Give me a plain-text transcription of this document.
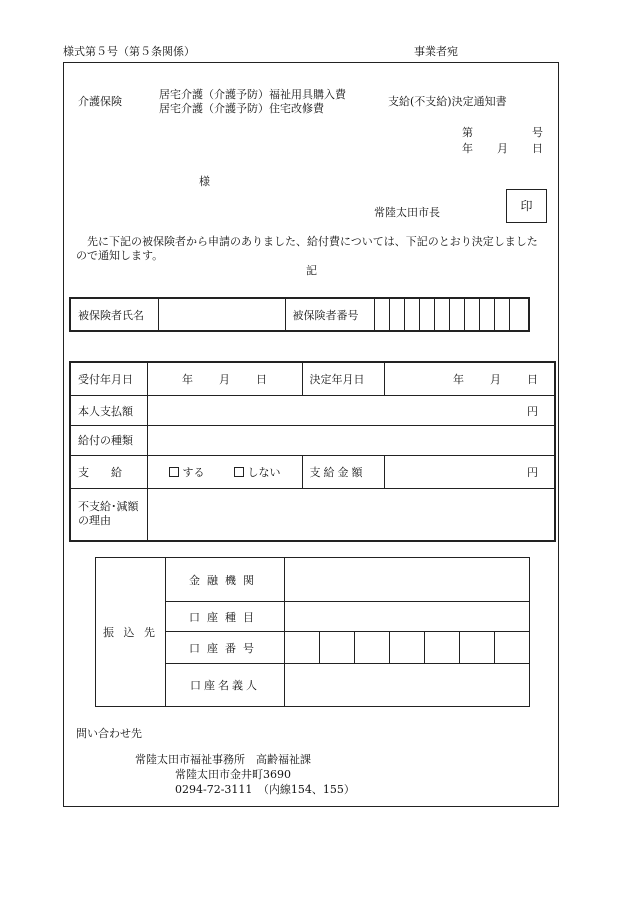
様式第５号（第５条関係）	事業者宛
介護保険
居宅介護（介護予防）福祉用具購入費
居宅介護（介護予防）住宅改修費
支給(不支給)決定通知書
第	号
年 月 日
様
常陸太田市長	印
先に下記の被保険者から申請のありました、給付費については、下記のとおり決定しました
ので通知します。
記
被保険者氏名		被保険者番号										
受付年月日	年 月 日	決定年月日	年 月 日
本人支払額	円		
給付の種類			
支　　給	する しない	支給金額	円

不支給･減額
の理由			

振 込 先	金融機関							
	口座種目							
	口座番号							
	口座名義人							
問い合わせ先
常陸太田市福祉事務所　高齢福祉課
常陸太田市金井町3690
0294-72-3111　（内線154、155）
